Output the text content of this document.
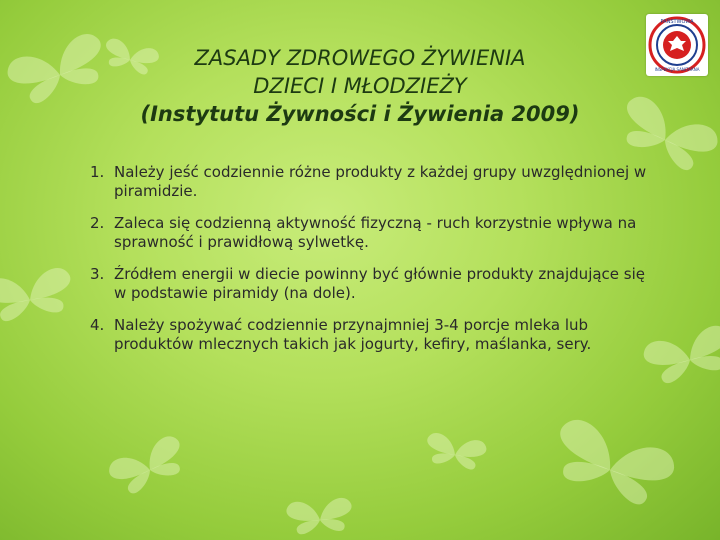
PAŃSTWOWA
INSPEKCJA SANITARNA
ZASADY ZDROWEGO ŻYWIENIA
DZIECI I MŁODZIEŻY
(Instytutu Żywności i Żywienia 2009)
1. Należy jeść codziennie różne produkty z każdej grupy uwzględnionej w piramidzie.
2. Zaleca się codzienną aktywność fizyczną - ruch korzystnie wpływa na sprawność i prawidłową sylwetkę.
3. Źródłem energii w diecie powinny być głównie produkty znajdujące się w podstawie piramidy (na dole).
4. Należy spożywać codziennie przynajmniej 3-4 porcje mleka lub produktów mlecznych takich jak jogurty, kefiry, maślanka, sery.
